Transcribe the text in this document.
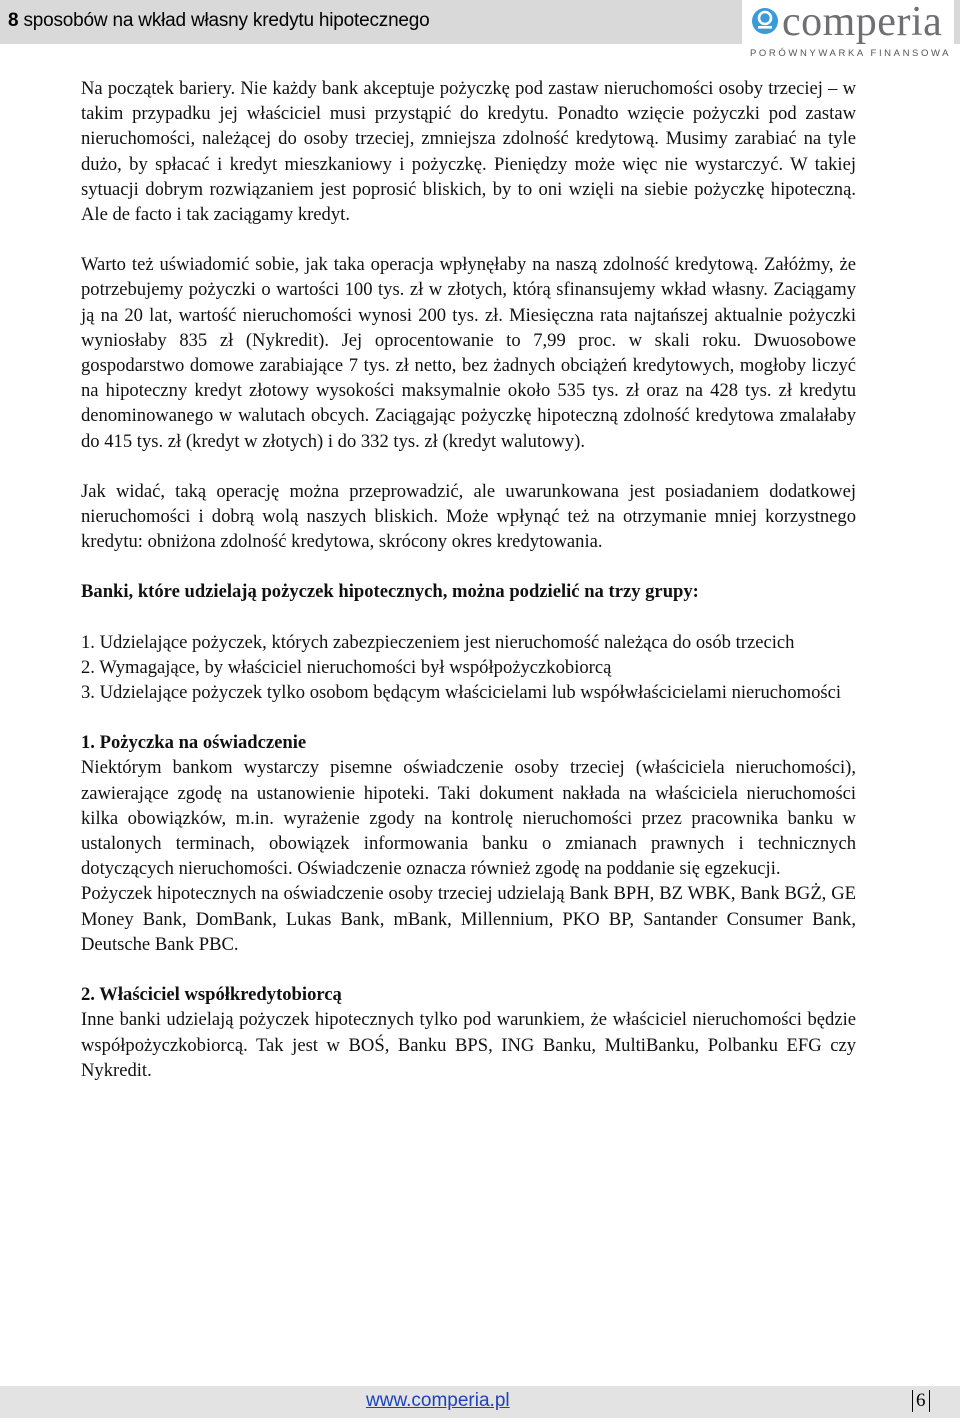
8 sposobów na wkład własny kredytu hipotecznego	comperia
PORÓWNYWARKA FINANSOWA

Na początek bariery. Nie każdy bank akceptuje pożyczkę pod zastaw nieruchomości osoby trzeciej – w takim przypadku jej właściciel musi przystąpić do kredytu. Ponadto wzięcie pożyczki pod zastaw nieruchomości, należącej do osoby trzeciej, zmniejsza zdolność kredytową. Musimy zarabiać na tyle dużo, by spłacać i kredyt mieszkaniowy i pożyczkę. Pieniędzy może więc nie wystarczyć. W takiej sytuacji dobrym rozwiązaniem jest poprosić bliskich, by to oni wzięli na siebie pożyczkę hipoteczną. Ale de facto i tak zaciągamy kredyt.

Warto też uświadomić sobie, jak taka operacja wpłynęłaby na naszą zdolność kredytową. Załóżmy, że potrzebujemy pożyczki o wartości 100 tys. zł w złotych, którą sfinansujemy wkład własny. Zaciągamy ją na 20 lat, wartość nieruchomości wynosi 200 tys. zł. Miesięczna rata najtańszej aktualnie pożyczki wyniosłaby 835 zł (Nykredit). Jej oprocentowanie to 7,99 proc. w skali roku. Dwuosobowe gospodarstwo domowe zarabiające 7 tys. zł netto, bez żadnych obciążeń kredytowych, mogłoby liczyć na hipoteczny kredyt złotowy wysokości maksymalnie około 535 tys. zł oraz na 428 tys. zł kredytu denominowanego w walutach obcych. Zaciągając pożyczkę hipoteczną zdolność kredytowa zmalałaby do 415 tys. zł (kredyt w złotych) i do 332 tys. zł (kredyt walutowy).

Jak widać, taką operację można przeprowadzić, ale uwarunkowana jest posiadaniem dodatkowej nieruchomości i dobrą wolą naszych bliskich. Może wpłynąć też na otrzymanie mniej korzystnego kredytu: obniżona zdolność kredytowa, skrócony okres kredytowania.

Banki, które udzielają pożyczek hipotecznych, można podzielić na trzy grupy:

1. Udzielające pożyczek, których zabezpieczeniem jest nieruchomość należąca do osób trzecich

2. Wymagające, by właściciel nieruchomości był współpożyczkobiorcą

3. Udzielające pożyczek tylko osobom będącym właścicielami lub współwłaścicielami nieruchomości

1. Pożyczka na oświadczenie

Niektórym bankom wystarczy pisemne oświadczenie osoby trzeciej (właściciela nieruchomości), zawierające zgodę na ustanowienie hipoteki. Taki dokument nakłada na właściciela nieruchomości kilka obowiązków, m.in. wyrażenie zgody na kontrolę nieruchomości przez pracownika banku w ustalonych terminach, obowiązek informowania banku o zmianach prawnych i technicznych dotyczących nieruchomości. Oświadczenie oznacza również zgodę na poddanie się egzekucji.

Pożyczek hipotecznych na oświadczenie osoby trzeciej udzielają Bank BPH, BZ WBK, Bank BGŻ, GE Money Bank, DomBank, Lukas Bank, mBank, Millennium, PKO BP, Santander Consumer Bank, Deutsche Bank PBC.

2. Właściciel współkredytobiorcą

Inne banki udzielają pożyczek hipotecznych tylko pod warunkiem, że właściciel nieruchomości będzie współpożyczkobiorcą. Tak jest w BOŚ, Banku BPS, ING Banku, MultiBanku, Polbanku EFG czy Nykredit.

www.comperia.pl	6
